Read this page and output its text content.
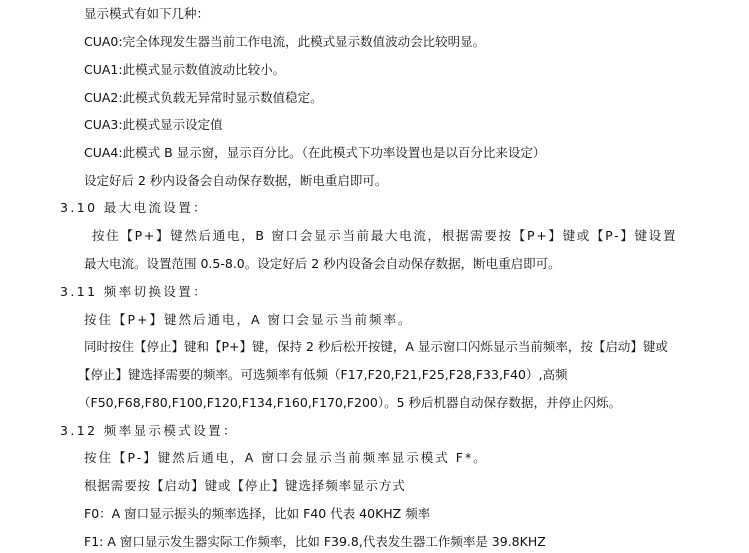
显示模式有如下几种：
CUA0:完全体现发生器当前工作电流，此模式显示数值波动会比较明显。
CUA1:此模式显示数值波动比较小。
CUA2:此模式负载无异常时显示数值稳定。
CUA3:此模式显示设定值
CUA4:此模式 B 显示窗，显示百分比。（在此模式下功率设置也是以百分比来设定）
设定好后 2 秒内设备会自动保存数据，断电重启即可。
3.10 最大电流设置：
按住【P+】键然后通电，B 窗口会显示当前最大电流，根据需要按【P+】键或【P-】键设置
最大电流。设置范围 0.5-8.0。设定好后 2 秒内设备会自动保存数据，断电重启即可。
3.11 频率切换设置：
按住【P+】键然后通电，A 窗口会显示当前频率。
同时按住【停止】键和【P+】键，保持 2 秒后松开按键，A 显示窗口闪烁显示当前频率，按【启动】键或
【停止】键选择需要的频率。可选频率有低频（F17,F20,F21,F25,F28,F33,F40）,高频
（F50,F68,F80,F100,F120,F134,F160,F170,F200）。5 秒后机器自动保存数据，并停止闪烁。
3.12 频率显示模式设置：
按住【P-】键然后通电，A 窗口会显示当前频率显示模式 F*。
根据需要按【启动】键或【停止】键选择频率显示方式
F0：A 窗口显示振头的频率选择，比如 F40 代表 40KHZ 频率
F1: A 窗口显示发生器实际工作频率，比如 F39.8,代表发生器工作频率是 39.8KHZ
